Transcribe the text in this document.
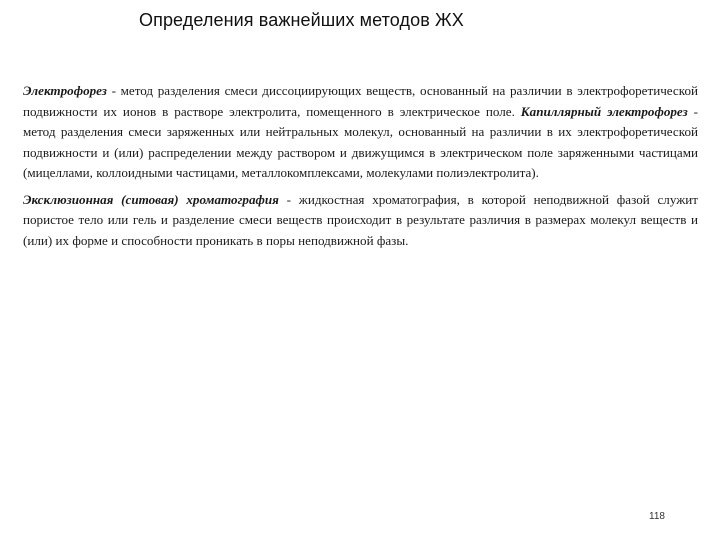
Определения важнейших методов ЖХ

Электрофорез - метод разделения смеси диссоциирующих веществ, основанный на различии в электрофоретической подвижности их ионов в растворе электролита, помещенного в электрическое поле. Капиллярный электрофорез - метод разделения смеси заряженных или нейтральных молекул, основанный на различии в их электрофоретической подвижности и (или) распределении между раствором и движущимся в электрическом поле заряженными частицами (мицеллами, коллоидными частицами, металлокомплексами, молекулами полиэлектролита).

Эксклюзионная (ситовая) хроматография - жидкостная хроматография, в которой неподвижной фазой служит пористое тело или гель и разделение смеси веществ происходит в результате различия в размерах молекул веществ и (или) их форме и способности проникать в поры неподвижной фазы.

118
